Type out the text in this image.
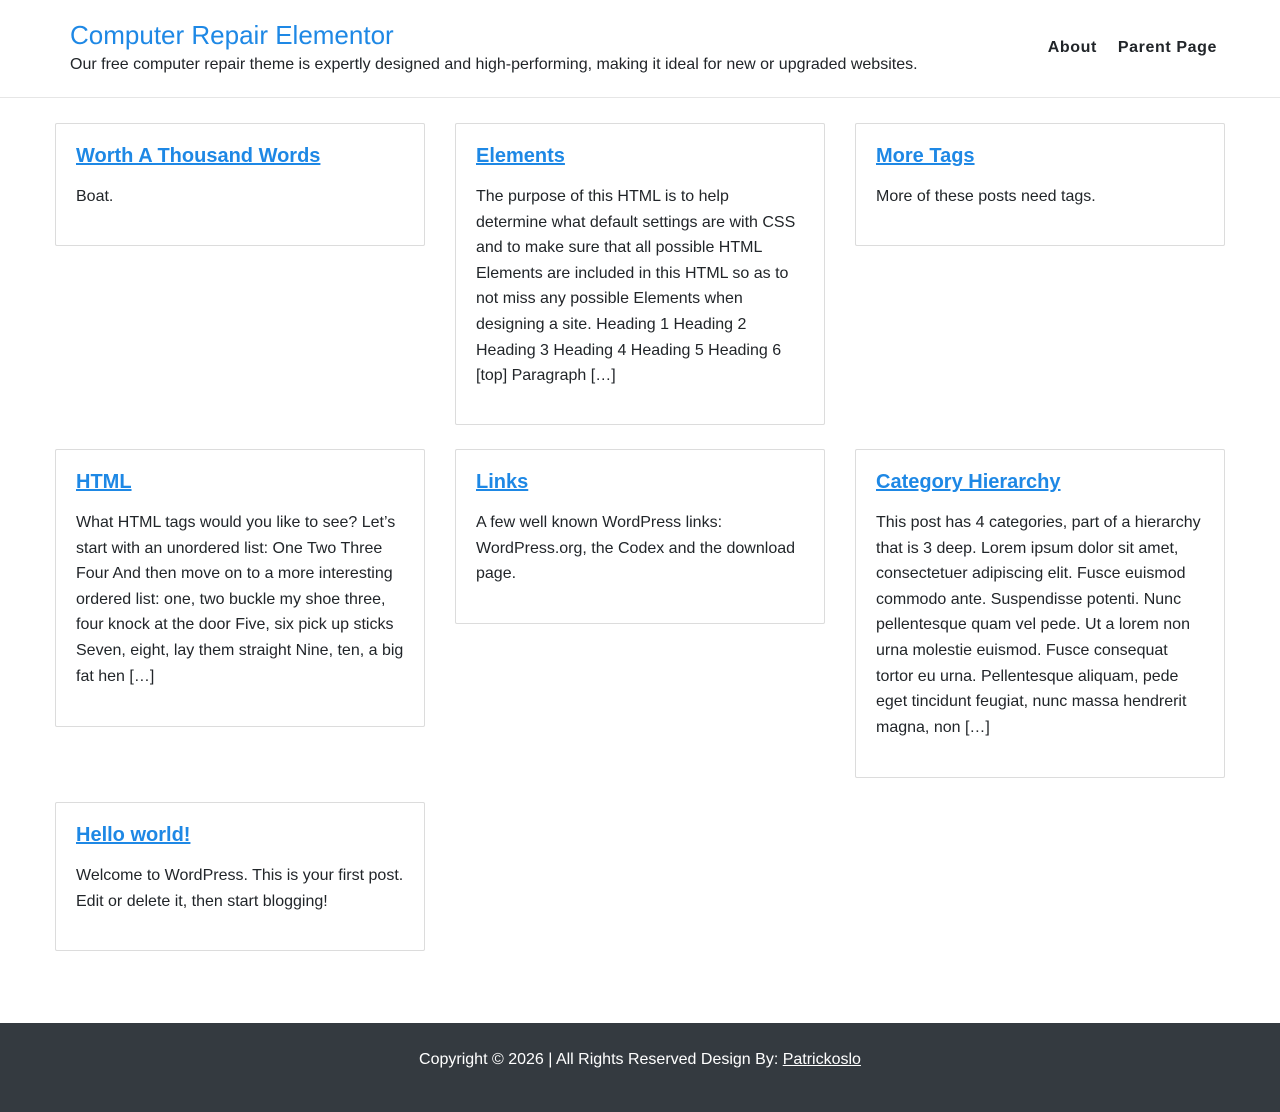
Computer Repair Elementor

Our free computer repair theme is expertly designed and high-performing, making it ideal for new or upgraded websites.

About Parent Page
Worth A Thousand Words

Boat.

Elements

The purpose of this HTML is to help determine what default settings are with CSS and to make sure that all possible HTML Elements are included in this HTML so as to not miss any possible Elements when designing a site. Heading 1 Heading 2 Heading 3 Heading 4 Heading 5 Heading 6 [top] Paragraph […]

More Tags

More of these posts need tags.

HTML

What HTML tags would you like to see? Let’s start with an unordered list: One Two Three Four And then move on to a more interesting ordered list: one, two buckle my shoe three, four knock at the door Five, six pick up sticks Seven, eight, lay them straight Nine, ten, a big fat hen […]

Links

A few well known WordPress links: WordPress.org, the Codex and the download page.

Category Hierarchy

This post has 4 categories, part of a hierarchy that is 3 deep. Lorem ipsum dolor sit amet, consectetuer adipiscing elit. Fusce euismod commodo ante. Suspendisse potenti. Nunc pellentesque quam vel pede. Ut a lorem non urna molestie euismod. Fusce consequat tortor eu urna. Pellentesque aliquam, pede eget tincidunt feugiat, nunc massa hendrerit magna, non […]

Hello world!

Welcome to WordPress. This is your first post. Edit or delete it, then start blogging!

Copyright © 2026 | All Rights Reserved Design By: Patrickoslo
